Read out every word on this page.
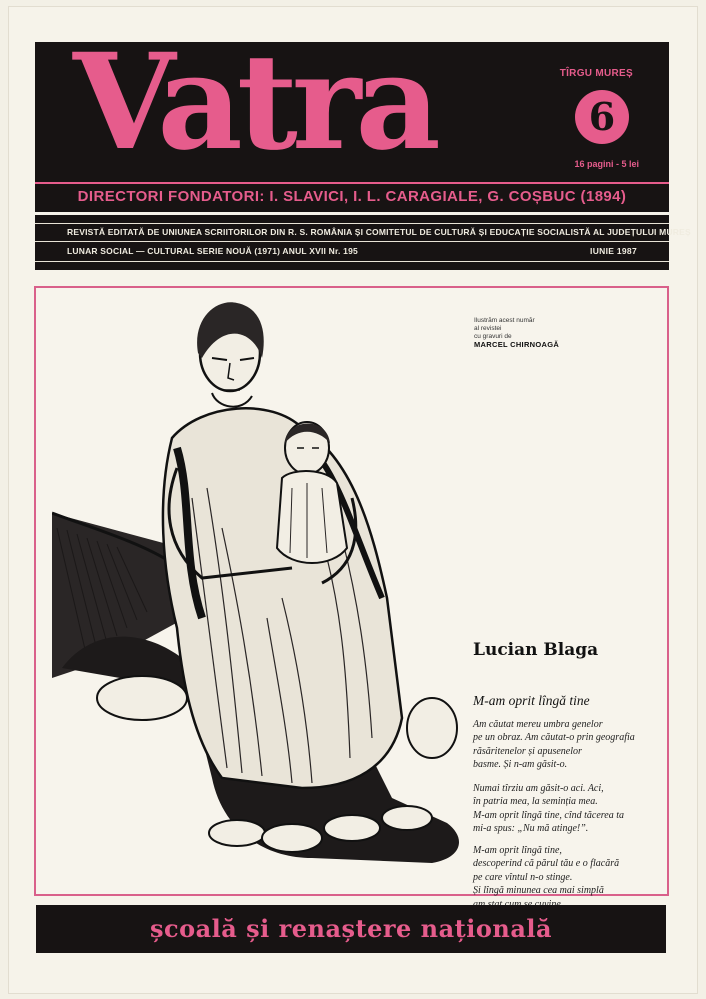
Vatra	TÎRGU MUREȘ
6
16 pagini - 5 lei
DIRECTORI FONDATORI: I. SLAVICI, I. L. CARAGIALE, G. COȘBUC (1894)
REVISTĂ EDITATĂ DE UNIUNEA SCRIITORILOR DIN R. S. ROMÂNIA ȘI COMITETUL DE CULTURĂ ȘI EDUCAȚIE SOCIALISTĂ AL JUDEȚULUI MUREȘ
LUNAR SOCIAL — CULTURAL SERIE NOUĂ (1971) ANUL XVII Nr. 195	IUNIE 1987
Ilustrăm acest număr
al revistei
cu gravuri de
MARCEL CHIRNOAGĂ
Lucian Blaga
M-am oprit lîngă tine
Am căutat mereu umbra genelor
pe un obraz. Am căutat-o prin geografia
răsăritenelor și apusenelor
basme. Și n-am găsit-o.
Numai tîrziu am găsit-o aci. Aci,
în patria mea, la seminția mea.
M-am oprit lîngă tine, cînd tăcerea ta
mi-a spus: „Nu mă atinge!”.
M-am oprit lîngă tine,
descoperind că părul tău e o flacără
pe care vîntul n-o stinge.
Și lîngă minunea cea mai simplă
școală și renaștere națională
